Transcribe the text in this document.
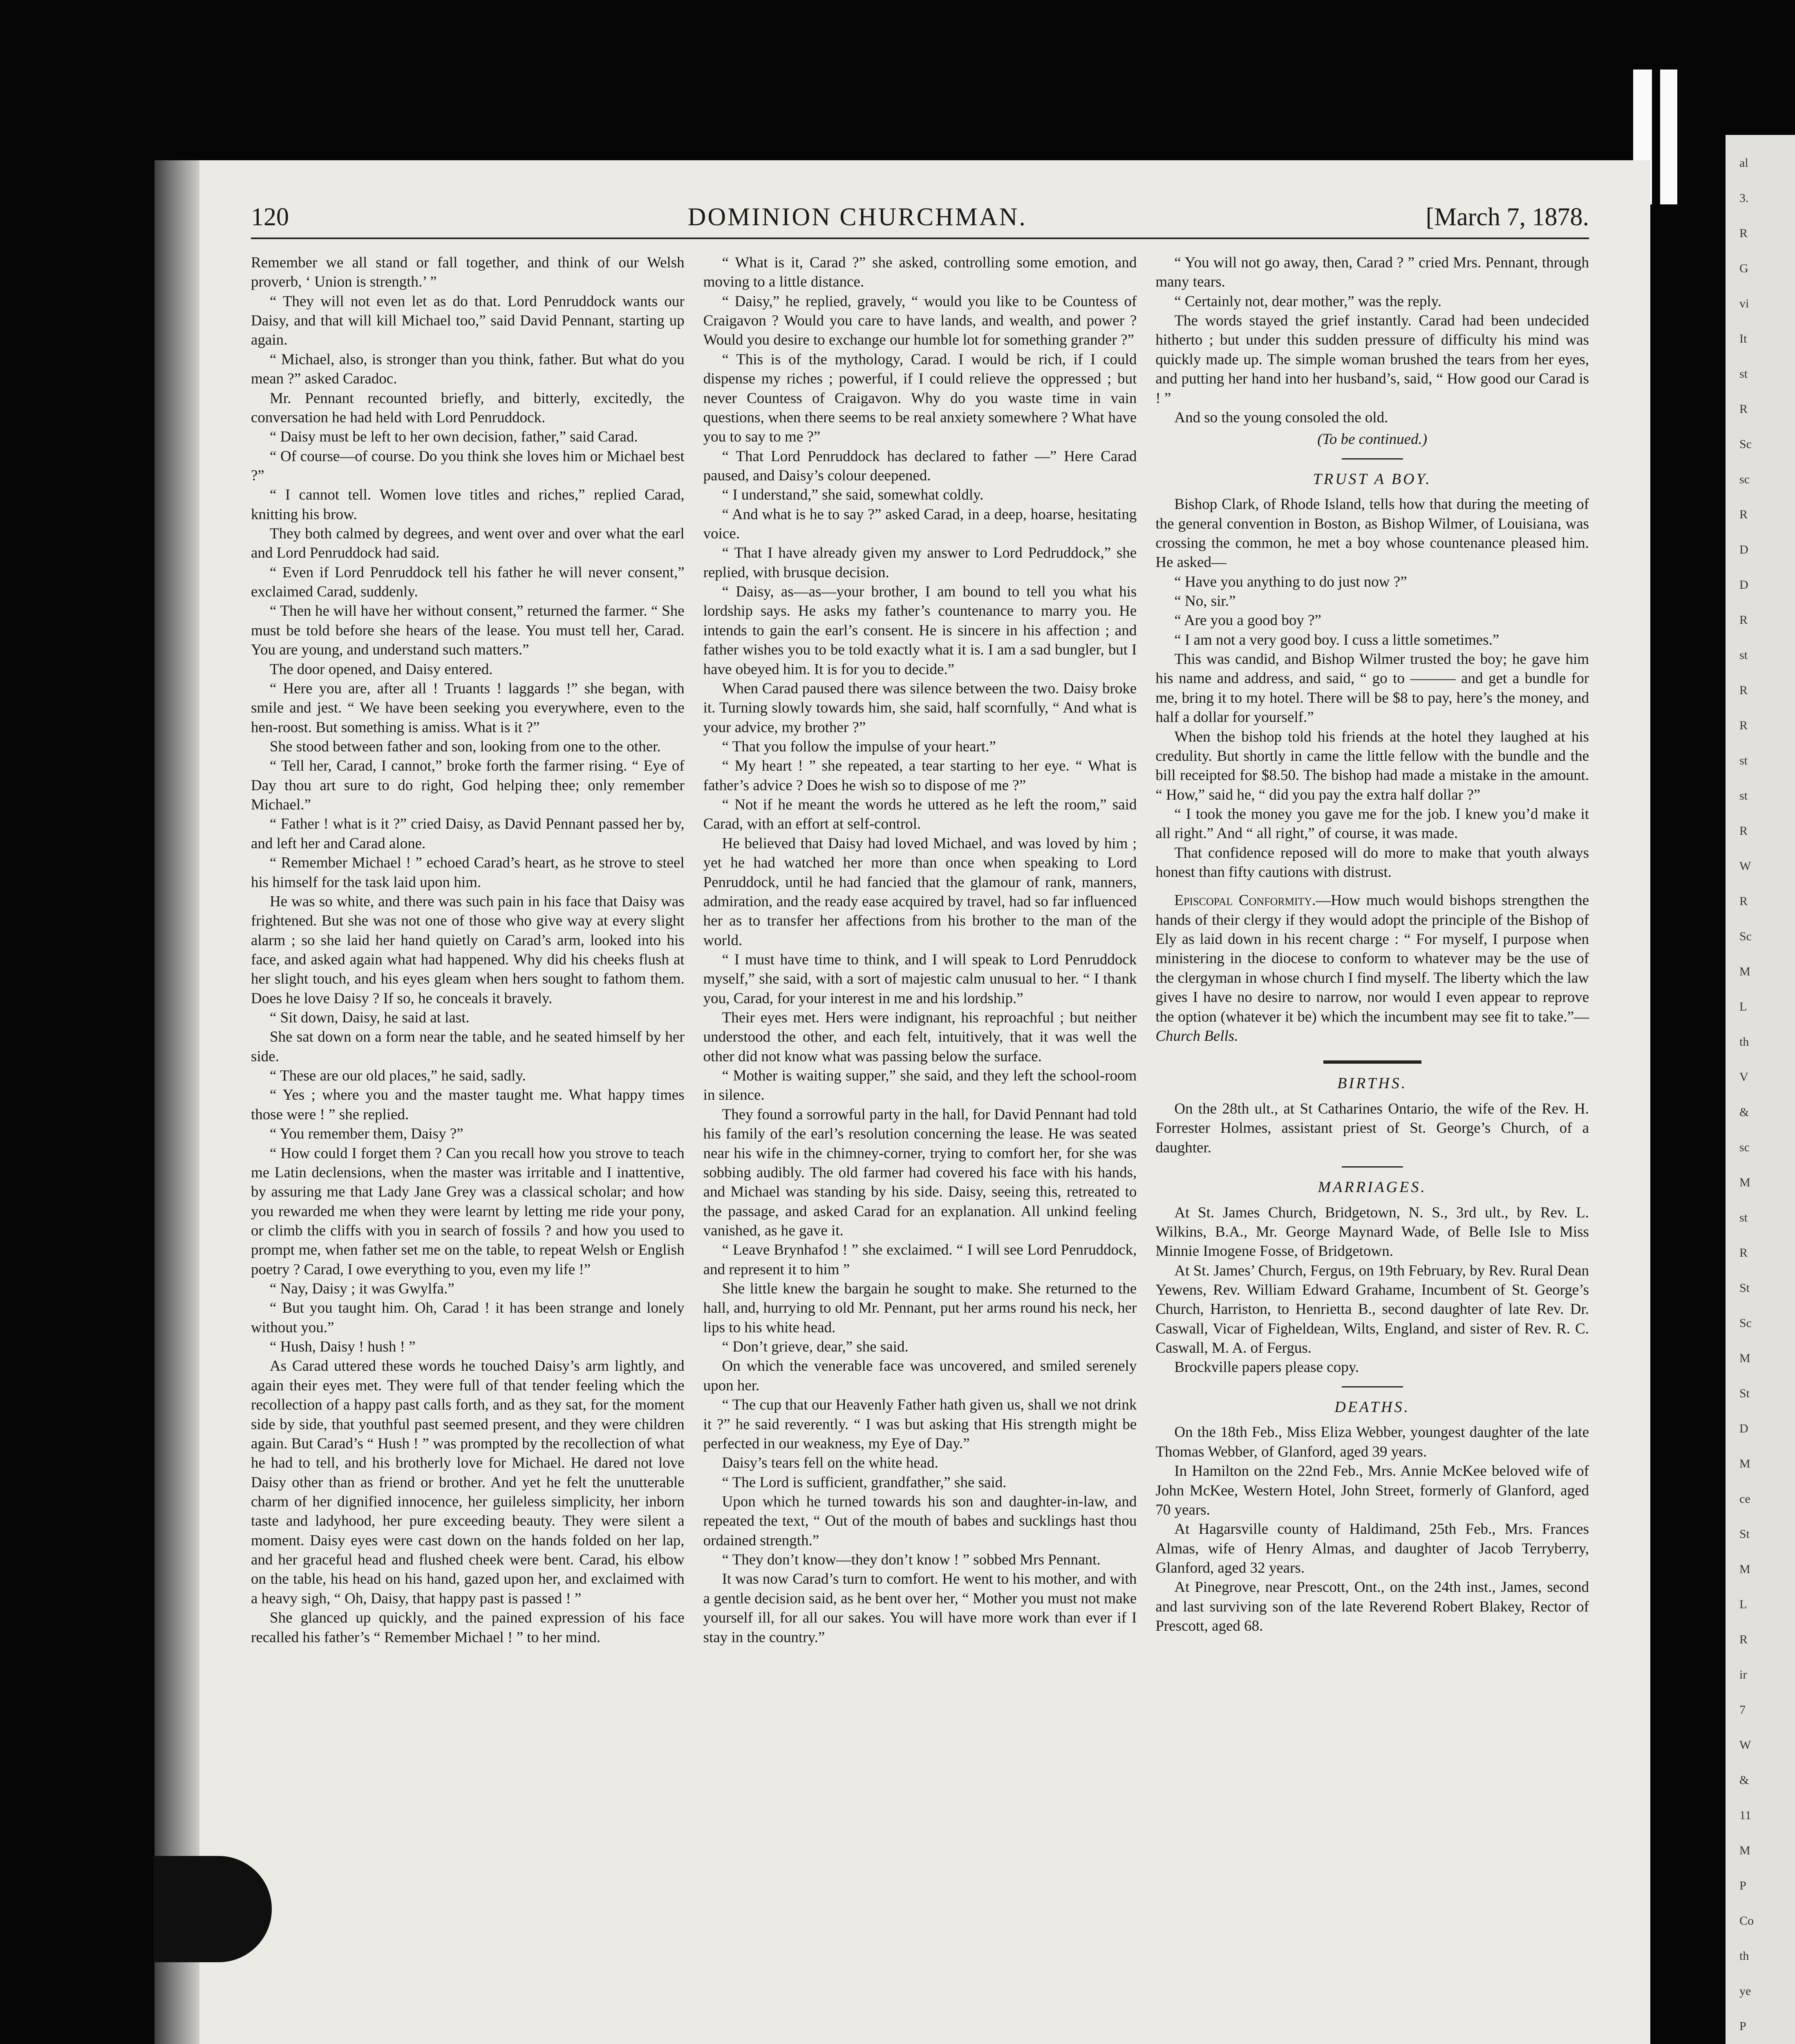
al
3.
R
G
vi
It
st
R
Sc
sc
R
D
D
R
st
R
R
st
st
R
W
R
Sc
M
L
th
V
&
sc
M
st
R
St
Sc
M
St
D
M
ce
St
M
L
R
ir
7
W
&
11
M
P
Co
th
ye
P
120	DOMINION CHURCHMAN.	[March 7, 1878.

Remember we all stand or fall together, and think of our Welsh proverb, ‘ Union is strength.’ ”

“ They will not even let as do that. Lord Penruddock wants our Daisy, and that will kill Michael too,” said David Pennant, starting up again.

“ Michael, also, is stronger than you think, father. But what do you mean ?” asked Caradoc.

Mr. Pennant recounted briefly, and bitterly, excitedly, the conversation he had held with Lord Penruddock.

“ Daisy must be left to her own decision, father,” said Carad.

“ Of course—of course. Do you think she loves him or Michael best ?”

“ I cannot tell. Women love titles and riches,” replied Carad, knitting his brow.

They both calmed by degrees, and went over and over what the earl and Lord Penruddock had said.

“ Even if Lord Penruddock tell his father he will never consent,” exclaimed Carad, suddenly.

“ Then he will have her without consent,” returned the farmer. “ She must be told before she hears of the lease. You must tell her, Carad. You are young, and understand such matters.”

The door opened, and Daisy entered.

“ Here you are, after all ! Truants ! laggards !” she began, with smile and jest. “ We have been seeking you everywhere, even to the hen-roost. But something is amiss. What is it ?”

She stood between father and son, looking from one to the other.

“ Tell her, Carad, I cannot,” broke forth the farmer rising. “ Eye of Day thou art sure to do right, God helping thee; only remember Michael.”

“ Father ! what is it ?” cried Daisy, as David Pennant passed her by, and left her and Carad alone.

“ Remember Michael ! ” echoed Carad’s heart, as he strove to steel his himself for the task laid upon him.

He was so white, and there was such pain in his face that Daisy was frightened. But she was not one of those who give way at every slight alarm ; so she laid her hand quietly on Carad’s arm, looked into his face, and asked again what had happened. Why did his cheeks flush at her slight touch, and his eyes gleam when hers sought to fathom them. Does he love Daisy ? If so, he conceals it bravely.

“ Sit down, Daisy, he said at last.

She sat down on a form near the table, and he seated himself by her side.

“ These are our old places,” he said, sadly.

“ Yes ; where you and the master taught me. What happy times those were ! ” she replied.

“ You remember them, Daisy ?”

“ How could I forget them ? Can you recall how you strove to teach me Latin declensions, when the master was irritable and I inattentive, by assuring me that Lady Jane Grey was a classical scholar; and how you rewarded me when they were learnt by letting me ride your pony, or climb the cliffs with you in search of fossils ? and how you used to prompt me, when father set me on the table, to repeat Welsh or English poetry ? Carad, I owe everything to you, even my life !”

“ Nay, Daisy ; it was Gwylfa.”

“ But you taught him. Oh, Carad ! it has been strange and lonely without you.”

“ Hush, Daisy ! hush ! ”

As Carad uttered these words he touched Daisy’s arm lightly, and again their eyes met. They were full of that tender feeling which the recollection of a happy past calls forth, and as they sat, for the moment side by side, that youthful past seemed present, and they were children again. But Carad’s “ Hush ! ” was prompted by the recollection of what he had to tell, and his brotherly love for Michael. He dared not love Daisy other than as friend or brother. And yet he felt the unutterable charm of her dignified innocence, her guileless simplicity, her inborn taste and ladyhood, her pure exceeding beauty. They were silent a moment. Daisy eyes were cast down on the hands folded on her lap, and her graceful head and flushed cheek were bent. Carad, his elbow on the table, his head on his hand, gazed upon her, and exclaimed with a heavy sigh, “ Oh, Daisy, that happy past is passed ! ”

She glanced up quickly, and the pained expression of his face recalled his father’s “ Remember Michael ! ” to her mind.

“ What is it, Carad ?” she asked, controlling some emotion, and moving to a little distance.

“ Daisy,” he replied, gravely, “ would you like to be Countess of Craigavon ? Would you care to have lands, and wealth, and power ? Would you desire to exchange our humble lot for something grander ?”

“ This is of the mythology, Carad. I would be rich, if I could dispense my riches ; powerful, if I could relieve the oppressed ; but never Countess of Craigavon. Why do you waste time in vain questions, when there seems to be real anxiety somewhere ? What have you to say to me ?”

“ That Lord Penruddock has declared to father —” Here Carad paused, and Daisy’s colour deepened.

“ I understand,” she said, somewhat coldly.

“ And what is he to say ?” asked Carad, in a deep, hoarse, hesitating voice.

“ That I have already given my answer to Lord Pedruddock,” she replied, with brusque decision.

“ Daisy, as—as—your brother, I am bound to tell you what his lordship says. He asks my father’s countenance to marry you. He intends to gain the earl’s consent. He is sincere in his affection ; and father wishes you to be told exactly what it is. I am a sad bungler, but I have obeyed him. It is for you to decide.”

When Carad paused there was silence between the two. Daisy broke it. Turning slowly towards him, she said, half scornfully, “ And what is your advice, my brother ?”

“ That you follow the impulse of your heart.”

“ My heart ! ” she repeated, a tear starting to her eye. “ What is father’s advice ? Does he wish so to dispose of me ?”

“ Not if he meant the words he uttered as he left the room,” said Carad, with an effort at self-control.

He believed that Daisy had loved Michael, and was loved by him ; yet he had watched her more than once when speaking to Lord Penruddock, until he had fancied that the glamour of rank, manners, admiration, and the ready ease acquired by travel, had so far influenced her as to transfer her affections from his brother to the man of the world.

“ I must have time to think, and I will speak to Lord Penruddock myself,” she said, with a sort of majestic calm unusual to her. “ I thank you, Carad, for your interest in me and his lordship.”

Their eyes met. Hers were indignant, his reproachful ; but neither understood the other, and each felt, intuitively, that it was well the other did not know what was passing below the surface.

“ Mother is waiting supper,” she said, and they left the school-room in silence.

They found a sorrowful party in the hall, for David Pennant had told his family of the earl’s resolution concerning the lease. He was seated near his wife in the chimney-corner, trying to comfort her, for she was sobbing audibly. The old farmer had covered his face with his hands, and Michael was standing by his side. Daisy, seeing this, retreated to the passage, and asked Carad for an explanation. All unkind feeling vanished, as he gave it.

“ Leave Brynhafod ! ” she exclaimed. “ I will see Lord Penruddock, and represent it to him ”

She little knew the bargain he sought to make. She returned to the hall, and, hurrying to old Mr. Pennant, put her arms round his neck, her lips to his white head.

“ Don’t grieve, dear,” she said.

On which the venerable face was uncovered, and smiled serenely upon her.

“ The cup that our Heavenly Father hath given us, shall we not drink it ?” he said reverently. “ I was but asking that His strength might be perfected in our weakness, my Eye of Day.”

Daisy’s tears fell on the white head.

“ The Lord is sufficient, grandfather,” she said.

Upon which he turned towards his son and daughter-in-law, and repeated the text, “ Out of the mouth of babes and sucklings hast thou ordained strength.”

“ They don’t know—they don’t know ! ” sobbed Mrs Pennant.

It was now Carad’s turn to comfort. He went to his mother, and with a gentle decision said, as he bent over her, “ Mother you must not make yourself ill, for all our sakes. You will have more work than ever if I stay in the country.”

“ You will not go away, then, Carad ? ” cried Mrs. Pennant, through many tears.

“ Certainly not, dear mother,” was the reply.

The words stayed the grief instantly. Carad had been undecided hitherto ; but under this sudden pressure of difficulty his mind was quickly made up. The simple woman brushed the tears from her eyes, and putting her hand into her husband’s, said, “ How good our Carad is ! ”

And so the young consoled the old.

(To be continued.)

TRUST A BOY.

Bishop Clark, of Rhode Island, tells how that during the meeting of the general convention in Boston, as Bishop Wilmer, of Louisiana, was crossing the common, he met a boy whose countenance pleased him. He asked—

“ Have you anything to do just now ?”

“ No, sir.”

“ Are you a good boy ?”

“ I am not a very good boy. I cuss a little sometimes.”

This was candid, and Bishop Wilmer trusted the boy; he gave him his name and address, and said, “ go to ——— and get a bundle for me, bring it to my hotel. There will be $8 to pay, here’s the money, and half a dollar for yourself.”

When the bishop told his friends at the hotel they laughed at his credulity. But shortly in came the little fellow with the bundle and the bill receipted for $8.50. The bishop had made a mistake in the amount. “ How,” said he, “ did you pay the extra half dollar ?”

“ I took the money you gave me for the job. I knew you’d make it all right.” And “ all right,” of course, it was made.

That confidence reposed will do more to make that youth always honest than fifty cautions with distrust.

Episcopal Conformity.—How much would bishops strengthen the hands of their clergy if they would adopt the principle of the Bishop of Ely as laid down in his recent charge : “ For myself, I purpose when ministering in the diocese to conform to whatever may be the use of the clergyman in whose church I find myself. The liberty which the law gives I have no desire to narrow, nor would I even appear to reprove the option (whatever it be) which the incumbent may see fit to take.”—Church Bells.

BIRTHS.

On the 28th ult., at St Catharines Ontario, the wife of the Rev. H. Forrester Holmes, assistant priest of St. George’s Church, of a daughter.

MARRIAGES.

At St. James Church, Bridgetown, N. S., 3rd ult., by Rev. L. Wilkins, B.A., Mr. George Maynard Wade, of Belle Isle to Miss Minnie Imogene Fosse, of Bridgetown.

At St. James’ Church, Fergus, on 19th February, by Rev. Rural Dean Yewens, Rev. William Edward Grahame, Incumbent of St. George’s Church, Harriston, to Henrietta B., second daughter of late Rev. Dr. Caswall, Vicar of Figheldean, Wilts, England, and sister of Rev. R. C. Caswall, M. A. of Fergus.

Brockville papers please copy.

DEATHS.

On the 18th Feb., Miss Eliza Webber, youngest daughter of the late Thomas Webber, of Glanford, aged 39 years.

In Hamilton on the 22nd Feb., Mrs. Annie McKee beloved wife of John McKee, Western Hotel, John Street, formerly of Glanford, aged 70 years.

At Hagarsville county of Haldimand, 25th Feb., Mrs. Frances Almas, wife of Henry Almas, and daughter of Jacob Terryberry, Glanford, aged 32 years.

At Pinegrove, near Prescott, Ont., on the 24th inst., James, second and last surviving son of the late Reverend Robert Blakey, Rector of Prescott, aged 68.
